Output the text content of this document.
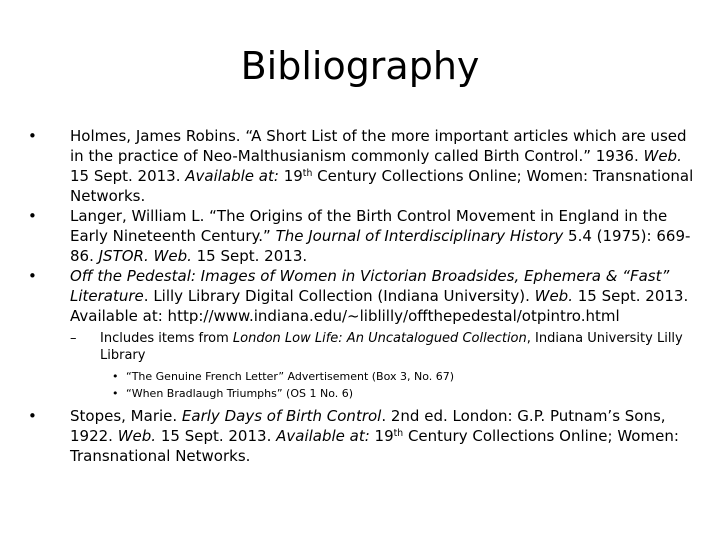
Bibliography
•	Holmes, James Robins. “A Short List of the more important articles which are used in the practice of Neo-Malthusianism commonly called Birth Control.” 1936. Web. 15 Sept. 2013. Available at: 19th Century Collections Online; Women: Transnational Networks.
•	Langer, William L. “The Origins of the Birth Control Movement in England in the Early Nineteenth Century.” The Journal of Interdisciplinary History 5.4 (1975): 669-86. JSTOR. Web. 15 Sept. 2013.
•	Off the Pedestal: Images of Women in Victorian Broadsides, Ephemera & “Fast” Literature. Lilly Library Digital Collection (Indiana University). Web. 15 Sept. 2013. Available at: http://www.indiana.edu/~liblilly/offthepedestal/otpintro.html
– Includes items from London Low Life: An Uncatalogued Collection, Indiana University Lilly Library
• “The Genuine French Letter” Advertisement (Box 3, No. 67)
• “When Bradlaugh Triumphs” (OS 1 No. 6)
•	Stopes, Marie. Early Days of Birth Control. 2nd ed. London: G.P. Putnam’s Sons, 1922. Web. 15 Sept. 2013. Available at: 19th Century Collections Online; Women: Transnational Networks.
